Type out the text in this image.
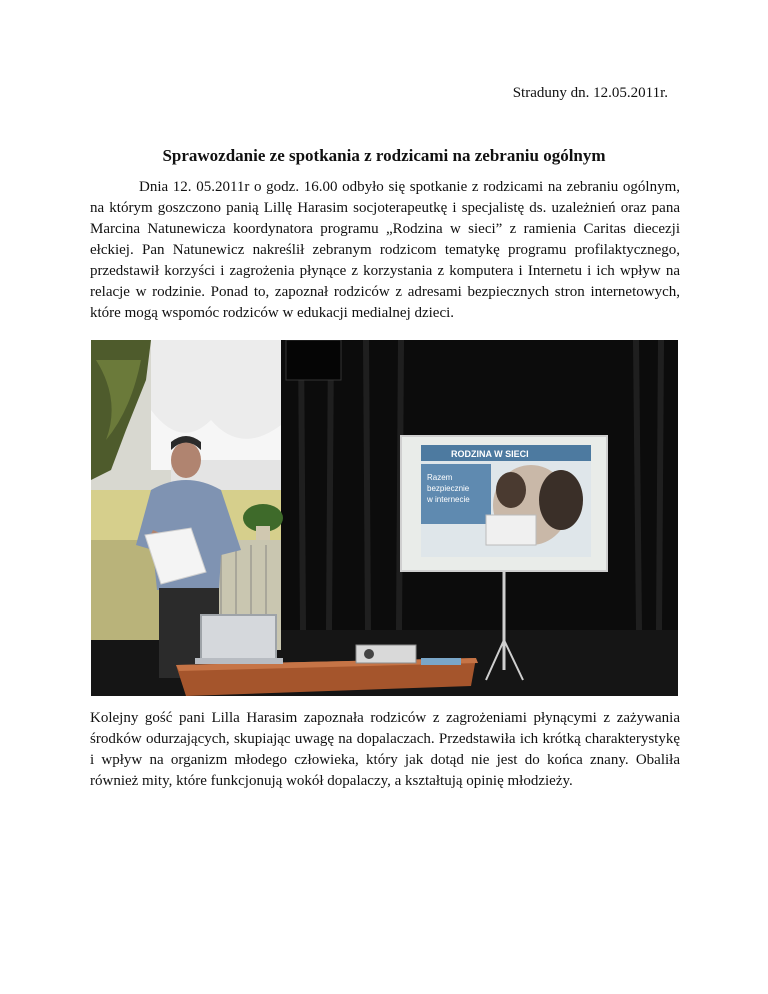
Straduny dn. 12.05.2011r.
Sprawozdanie ze spotkania z rodzicami na zebraniu ogólnym

Dnia 12. 05.2011r o godz. 16.00 odbyło się spotkanie z rodzicami na zebraniu ogólnym, na którym goszczono panią Lillę Harasim socjoterapeutkę i specjalistę ds. uzależnień oraz pana Marcina Natunewicza koordynatora programu „Rodzina w sieci” z ramienia Caritas diecezji ełckiej. Pan Natunewicz nakreślił zebranym rodzicom tematykę programu profilaktycznego, przedstawił korzyści i zagrożenia płynące z korzystania z komputera i Internetu i ich wpływ na relacje w rodzinie. Ponad to, zapoznał rodziców z adresami bezpiecznych stron internetowych, które mogą wspomóc rodziców w edukacji medialnej dzieci.

RODZINA W SIECI
Razem
bezpiecznie
w internecie

Kolejny gość pani Lilla Harasim zapoznała rodziców z zagrożeniami płynącymi z zażywania środków odurzających, skupiając uwagę na dopalaczach. Przedstawiła ich krótką charakterystykę i wpływ na organizm młodego człowieka, który jak dotąd nie jest do końca znany. Obaliła również mity, które funkcjonują wokół dopalaczy, a kształtują opinię młodzieży.
